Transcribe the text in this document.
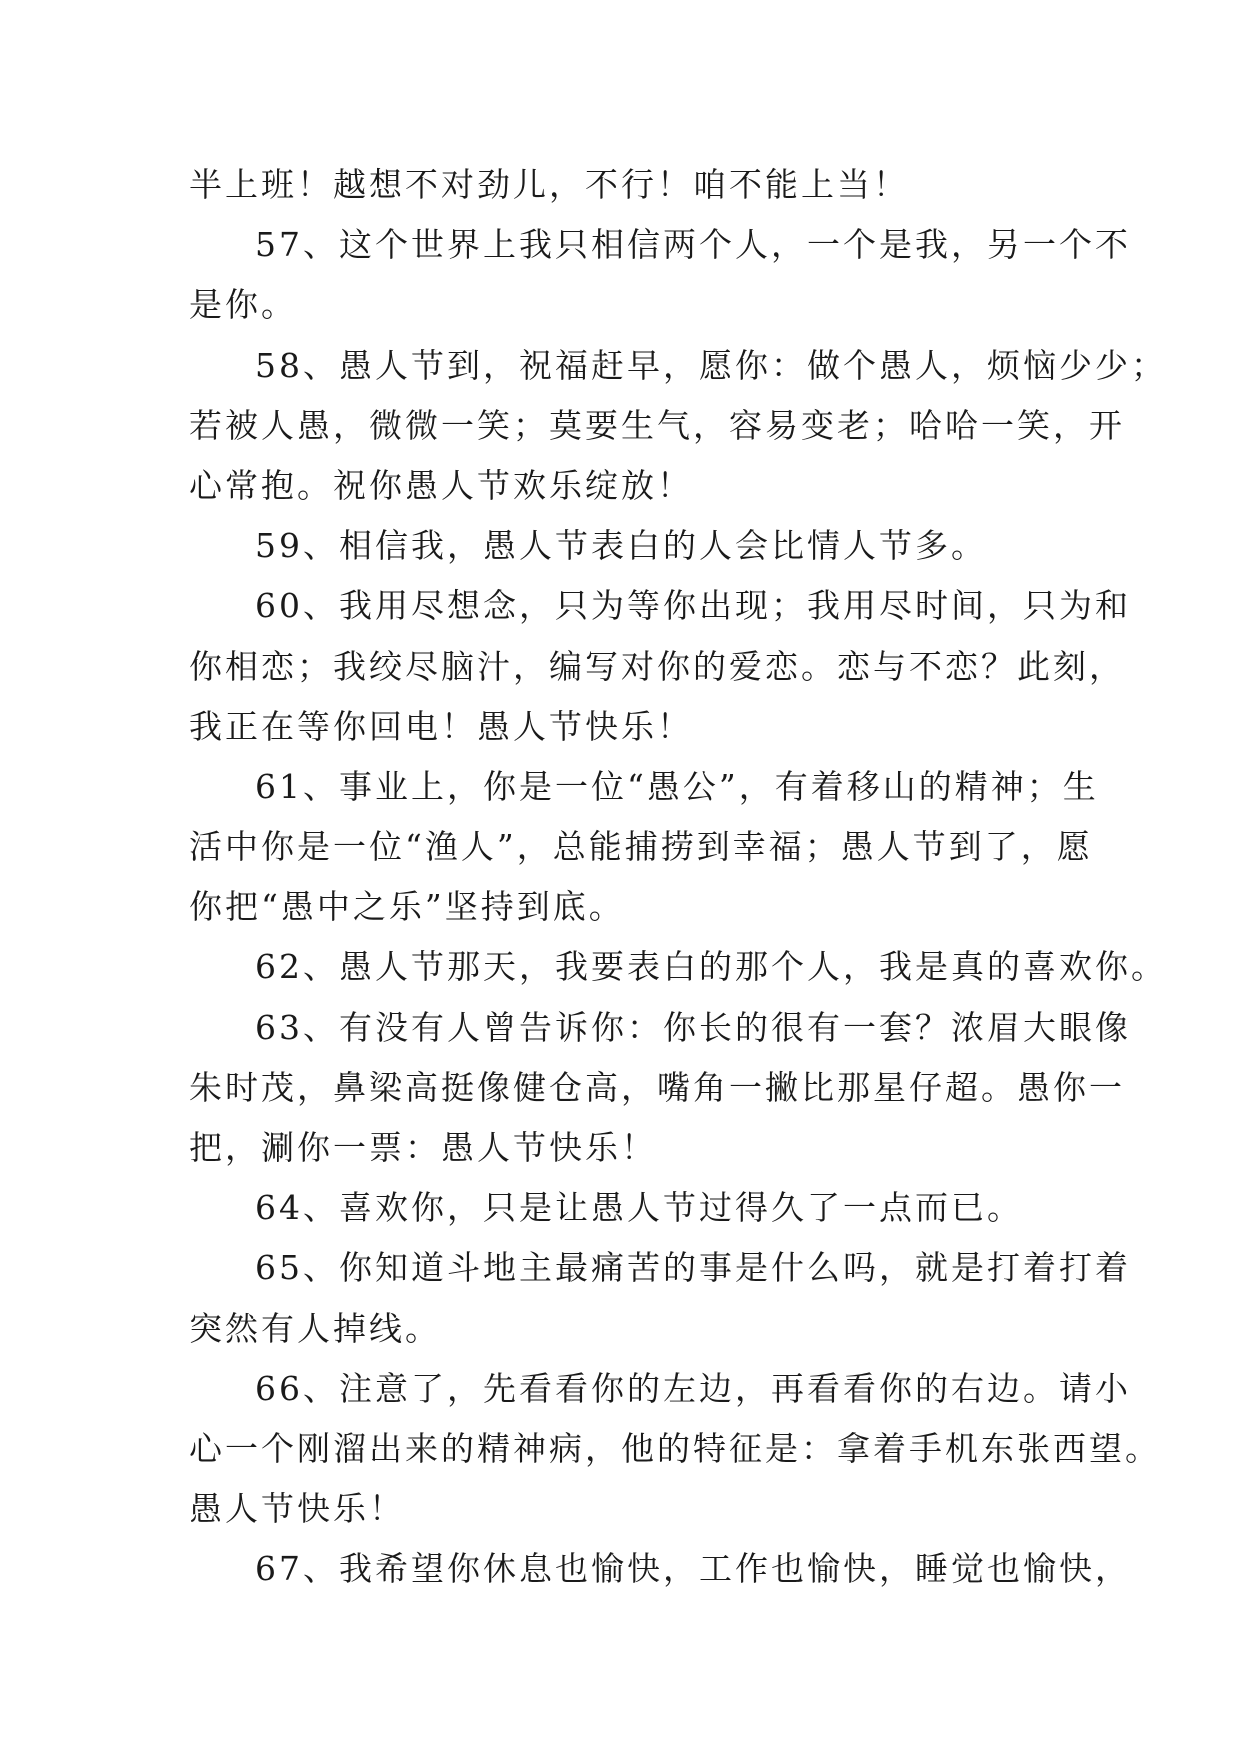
半上班！越想不对劲儿，不行！咱不能上当！
57、这个世界上我只相信两个人，一个是我，另一个不
是你。
58、愚人节到，祝福赶早，愿你：做个愚人，烦恼少少；
若被人愚，微微一笑；莫要生气，容易变老；哈哈一笑，开
心常抱。祝你愚人节欢乐绽放！
59、相信我，愚人节表白的人会比情人节多。
60、我用尽想念，只为等你出现；我用尽时间，只为和
你相恋；我绞尽脑汁，编写对你的爱恋。恋与不恋？此刻，
我正在等你回电！愚人节快乐！
61、事业上，你是一位“愚公”，有着移山的精神；生
活中你是一位“渔人”，总能捕捞到幸福；愚人节到了，愿
你把“愚中之乐”坚持到底。
62、愚人节那天，我要表白的那个人，我是真的喜欢你。
63、有没有人曾告诉你：你长的很有一套？浓眉大眼像
朱时茂，鼻梁高挺像健仓高，嘴角一撇比那星仔超。愚你一
把，涮你一票：愚人节快乐！
64、喜欢你，只是让愚人节过得久了一点而已。
65、你知道斗地主最痛苦的事是什么吗，就是打着打着
突然有人掉线。
66、注意了，先看看你的左边，再看看你的右边。请小
心一个刚溜出来的精神病，他的特征是：拿着手机东张西望。
愚人节快乐！
67、我希望你休息也愉快，工作也愉快，睡觉也愉快，
